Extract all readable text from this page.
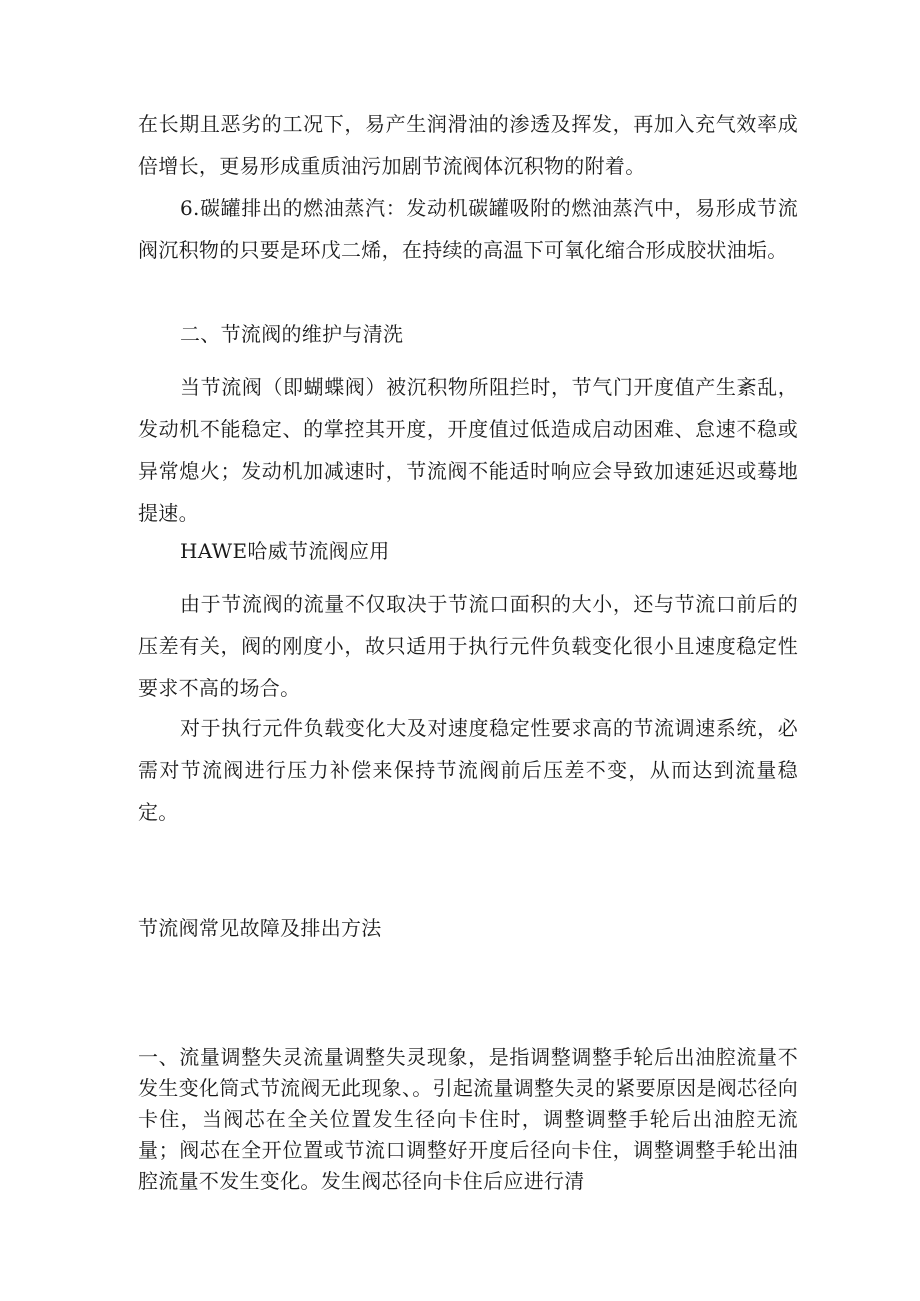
在长期且恶劣的工况下，易产生润滑油的渗透及挥发，再加入充气效率成倍增长，更易形成重质油污加剧节流阀体沉积物的附着。

6.碳罐排出的燃油蒸汽：发动机碳罐吸附的燃油蒸汽中，易形成节流阀沉积物的只要是环戊二烯，在持续的高温下可氧化缩合形成胶状油垢。

二、节流阀的维护与清洗

当节流阀（即蝴蝶阀）被沉积物所阻拦时，节气门开度值产生紊乱，发动机不能稳定、的掌控其开度，开度值过低造成启动困难、怠速不稳或异常熄火；发动机加减速时，节流阀不能适时响应会导致加速延迟或蓦地提速。

HAWE哈威节流阀应用

由于节流阀的流量不仅取决于节流口面积的大小，还与节流口前后的压差有关，阀的刚度小，故只适用于执行元件负载变化很小且速度稳定性要求不高的场合。

对于执行元件负载变化大及对速度稳定性要求高的节流调速系统，必需对节流阀进行压力补偿来保持节流阀前后压差不变，从而达到流量稳定。

节流阀常见故障及排出方法

一、流量调整失灵流量调整失灵现象，是指调整调整手轮后出油腔流量不发生变化筒式节流阀无此现象、。引起流量调整失灵的紧要原因是阀芯径向卡住，当阀芯在全关位置发生径向卡住时，调整调整手轮后出油腔无流量；阀芯在全开位置或节流口调整好开度后径向卡住，调整调整手轮出油腔流量不发生变化。发生阀芯径向卡住后应进行清
